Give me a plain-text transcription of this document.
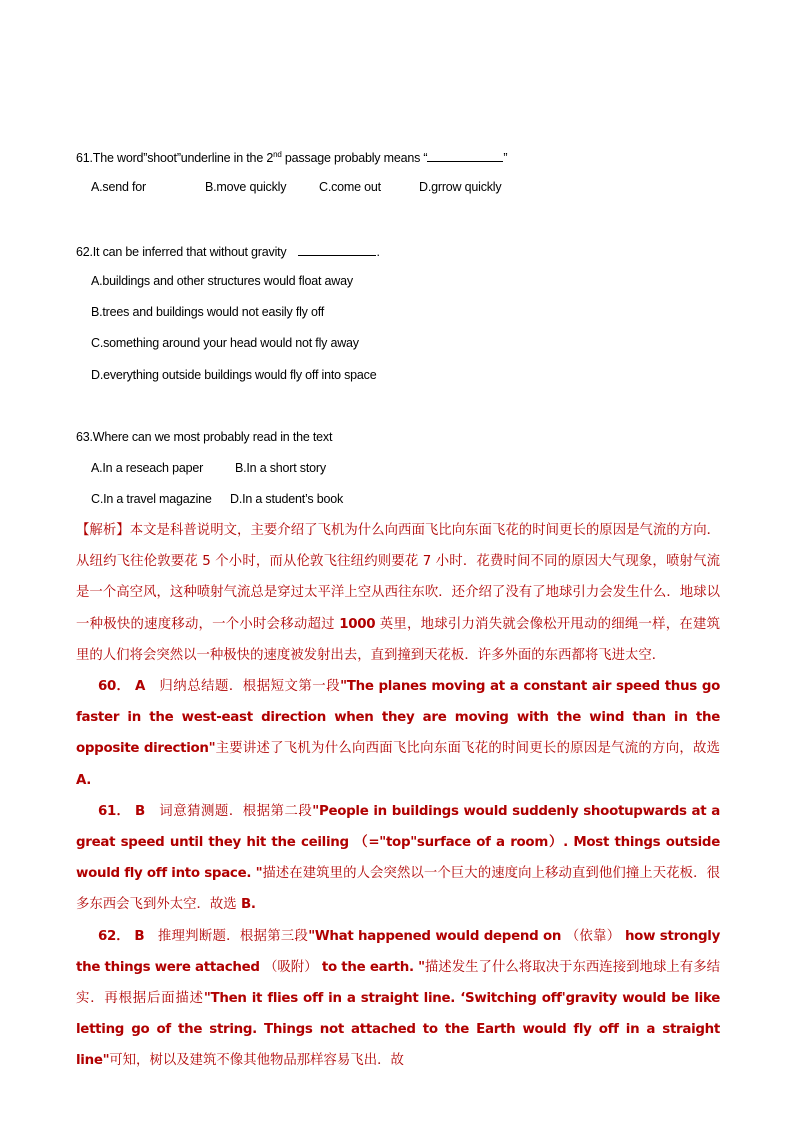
61.The word”shoot”underline in the 2nd passage probably means “	”
A.send for	B.move quickly	C.come out	D.grrow quickly
62.It can be inferred that without gravity	.
A.buildings and other structures would float away
B.trees and buildings would not easily fly off
C.something around your head would not fly away
D.everything outside buildings would fly off into space
63.Where can we most probably read in the text
A.In a reseach paper	B.In a short story
C.In a travel magazine D.In a student’s book

【解析】本文是科普说明文，主要介绍了飞机为什么向西面飞比向东面飞花的时间更长的原因是气流的方向．从纽约飞往伦敦要花 5 个小时，而从伦敦飞往纽约则要花 7 小时．花费时间不同的原因大气现象，喷射气流是一个高空风，这种喷射气流总是穿过太平洋上空从西往东吹．还介绍了没有了地球引力会发生什么．地球以一种极快的速度移动，一个小时会移动超过 1000 英里，地球引力消失就会像松开甩动的细绳一样，在建筑里的人们将会突然以一种极快的速度被发射出去，直到撞到天花板．许多外面的东西都将飞进太空．

60． A 归纳总结题．根据短文第一段"The planes moving at a constant air speed thus go faster in the west-east direction when they are moving with the wind than in the opposite direction"主要讲述了飞机为什么向西面飞比向东面飞花的时间更长的原因是气流的方向，故选 A.

61． B 词意猜测题．根据第二段"People in buildings would suddenly shootupwards at a great speed until they hit the ceiling （="top"surface of a room）. Most things outside would fly off into space. "描述在建筑里的人会突然以一个巨大的速度向上移动直到他们撞上天花板．很多东西会飞到外太空．故选 B.

62． B 推理判断题．根据第三段"What happened would depend on （依靠） how strongly the things were attached （吸附） to the earth. "描述发生了什么将取决于东西连接到地球上有多结实．再根据后面描述"Then it flies off in a straight line. ‘Switching off'gravity would be like letting go of the string. Things not attached to the Earth would fly off in a straight line"可知，树以及建筑不像其他物品那样容易飞出．故
